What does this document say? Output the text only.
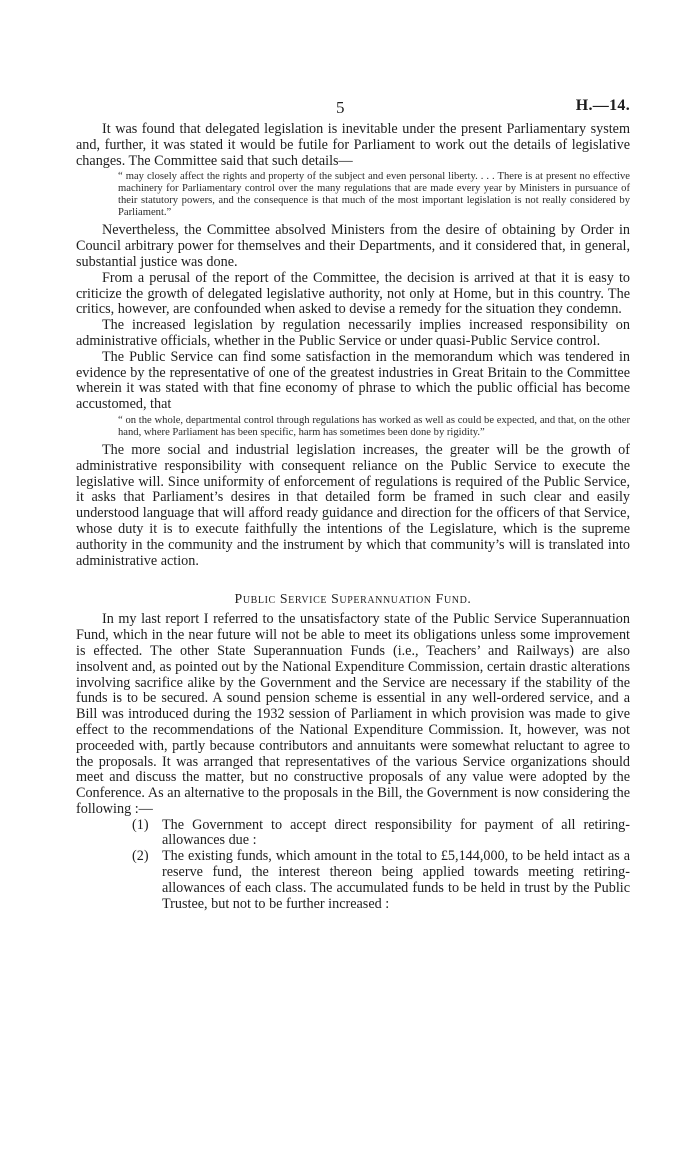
5	H.—14.

It was found that delegated legislation is inevitable under the present Parliamentary system and, further, it was stated it would be futile for Parliament to work out the details of legislative changes. The Committee said that such details—

“ may closely affect the rights and property of the subject and even personal liberty. . . . There is at present no effective machinery for Parliamentary control over the many regulations that are made every year by Ministers in pursuance of their statutory powers, and the consequence is that much of the most important legislation is not really considered by Parliament.”

Nevertheless, the Committee absolved Ministers from the desire of obtaining by Order in Council arbitrary power for themselves and their Departments, and it considered that, in general, substantial justice was done.

From a perusal of the report of the Committee, the decision is arrived at that it is easy to criticize the growth of delegated legislative authority, not only at Home, but in this country. The critics, however, are confounded when asked to devise a remedy for the situation they condemn.

The increased legislation by regulation necessarily implies increased responsibility on administrative officials, whether in the Public Service or under quasi-Public Service control.

The Public Service can find some satisfaction in the memorandum which was tendered in evidence by the representative of one of the greatest industries in Great Britain to the Committee wherein it was stated with that fine economy of phrase to which the public official has become accustomed, that

“ on the whole, departmental control through regulations has worked as well as could be expected, and that, on the other hand, where Parliament has been specific, harm has sometimes been done by rigidity.”

The more social and industrial legislation increases, the greater will be the growth of administrative responsibility with consequent reliance on the Public Service to execute the legislative will. Since uniformity of enforcement of regulations is required of the Public Service, it asks that Parliament’s desires in that detailed form be framed in such clear and easily understood language that will afford ready guidance and direction for the officers of that Service, whose duty it is to execute faithfully the intentions of the Legislature, which is the supreme authority in the community and the instrument by which that community’s will is translated into administrative action.

Public Service Superannuation Fund.

In my last report I referred to the unsatisfactory state of the Public Service Superannuation Fund, which in the near future will not be able to meet its obligations unless some improvement is effected. The other State Superannuation Funds (i.e., Teachers’ and Railways) are also insolvent and, as pointed out by the National Expenditure Commission, certain drastic alterations involving sacrifice alike by the Government and the Service are necessary if the stability of the funds is to be secured. A sound pension scheme is essential in any well-ordered service, and a Bill was introduced during the 1932 session of Parliament in which provision was made to give effect to the recommendations of the National Expenditure Commission. It, however, was not proceeded with, partly because contributors and annuitants were somewhat reluctant to agree to the proposals. It was arranged that representatives of the various Service organizations should meet and discuss the matter, but no constructive proposals of any value were adopted by the Conference. As an alternative to the proposals in the Bill, the Government is now considering the following :—

(1) The Government to accept direct responsibility for payment of all retiring-allowances due :
(2) The existing funds, which amount in the total to £5,144,000, to be held intact as a reserve fund, the interest thereon being applied towards meeting retiring-allowances of each class. The accumulated funds to be held in trust by the Public Trustee, but not to be further increased :
